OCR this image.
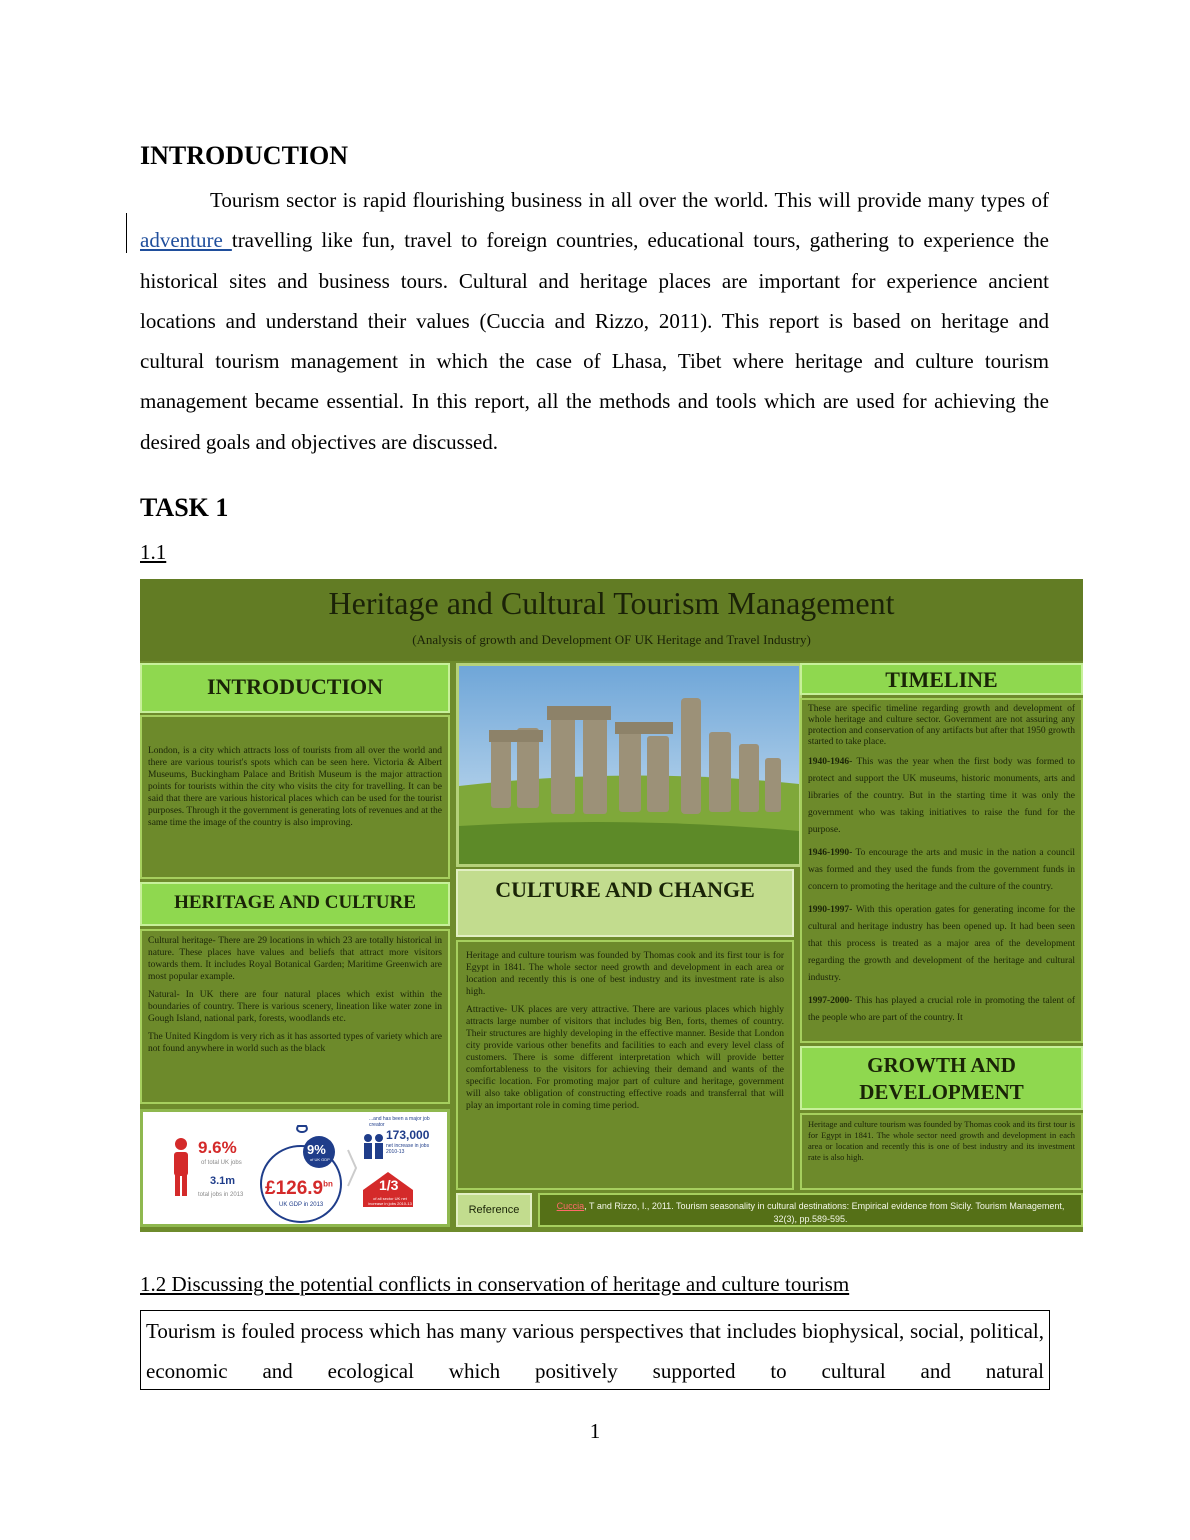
INTRODUCTION

Tourism sector is rapid flourishing business in all over the world. This will provide many types of adventure travelling like fun, travel to foreign countries, educational tours, gathering to experience the historical sites and business tours. Cultural and heritage places are important for experience ancient locations and understand their values (Cuccia and Rizzo, 2011). This report is based on heritage and cultural tourism management in which the case of Lhasa, Tibet where heritage and culture tourism management became essential. In this report, all the methods and tools which are used for achieving the desired goals and objectives are discussed.

TASK 1

1.1

Heritage and Cultural Tourism Management
(Analysis of growth and Development OF UK Heritage and Travel Industry)
INTRODUCTION
London, is a city which attracts loss of tourists from all over the world and there are various tourist's spots which can be seen here. Victoria & Albert Museums, Buckingham Palace and British Museum is the major attraction points for tourists within the city who visits the city for travelling. It can be said that there are various historical places which can be used for the tourist purposes. Through it the government is generating lots of revenues and at the same time the image of the country is also improving.
HERITAGE AND CULTURE

Cultural heritage- There are 29 locations in which 23 are totally historical in nature. These places have values and beliefs that attract more visitors towards them. It includes Royal Botanical Garden; Maritime Greenwich are most popular example.

Natural- In UK there are four natural places which exist within the boundaries of country. There is various scenery, lineation like water zone in Gough Island, national park, forests, woodlands etc.

The United Kingdom is very rich as it has assorted types of variety which are not found anywhere in world such as the black

9.6%
of total UK jobs
3.1m
total jobs in 2013
9%
of UK GDP
$£126.9^{bn}$
UK GDP in 2013
...and has been a major job creator
173,000
net increase in jobs 2010-13
1/3
of all sector UK net increase in jobs 2010-13
CULTURE AND CHANGE

Heritage and culture tourism was founded by Thomas cook and its first tour is for Egypt in 1841. The whole sector need growth and development in each area or location and recently this is one of best industry and its investment rate is also high.

Attractive- UK places are very attractive. There are various places which highly attracts large number of visitors that includes big Ben, forts, themes of country. Their structures are highly developing in the effective manner. Beside that London city provide various other benefits and facilities to each and every level class of customers. There is some different interpretation which will provide better comfortableness to the visitors for achieving their demand and wants of the specific location. For promoting major part of culture and heritage, government will also take obligation of constructing effective roads and transferral that will play an important role in coming time period.

TIMELINE

These are specific timeline regarding growth and development of whole heritage and culture sector. Government are not assuring any protection and conservation of any artifacts but after that 1950 growth started to take place.

1940-1946- This was the year when the first body was formed to protect and support the UK museums, historic monuments, arts and libraries of the country. But in the starting time it was only the government who was taking initiatives to raise the fund for the purpose.

1946-1990- To encourage the arts and music in the nation a council was formed and they used the funds from the government funds in concern to promoting the heritage and the culture of the country.

1990-1997- With this operation gates for generating income for the cultural and heritage industry has been opened up. It had been seen that this process is treated as a major area of the development regarding the growth and development of the heritage and cultural industry.

1997-2000- This has played a crucial role in promoting the talent of the people who are part of the country. It

GROWTH AND DEVELOPMENT
Heritage and culture tourism was founded by Thomas cook and its first tour is for Egypt in 1841. The whole sector need growth and development in each area or location and recently this is one of best industry and its investment rate is also high.
Reference	Cuccia, T and Rizzo, I., 2011. Tourism seasonality in cultural destinations: Empirical evidence from Sicily. Tourism Management, 32(3), pp.589-595.

1.2 Discussing the potential conflicts in conservation of heritage and culture tourism

Tourism is fouled process which has many various perspectives that includes biophysical, social, political, economic and ecological which positively supported to cultural and natural
1
